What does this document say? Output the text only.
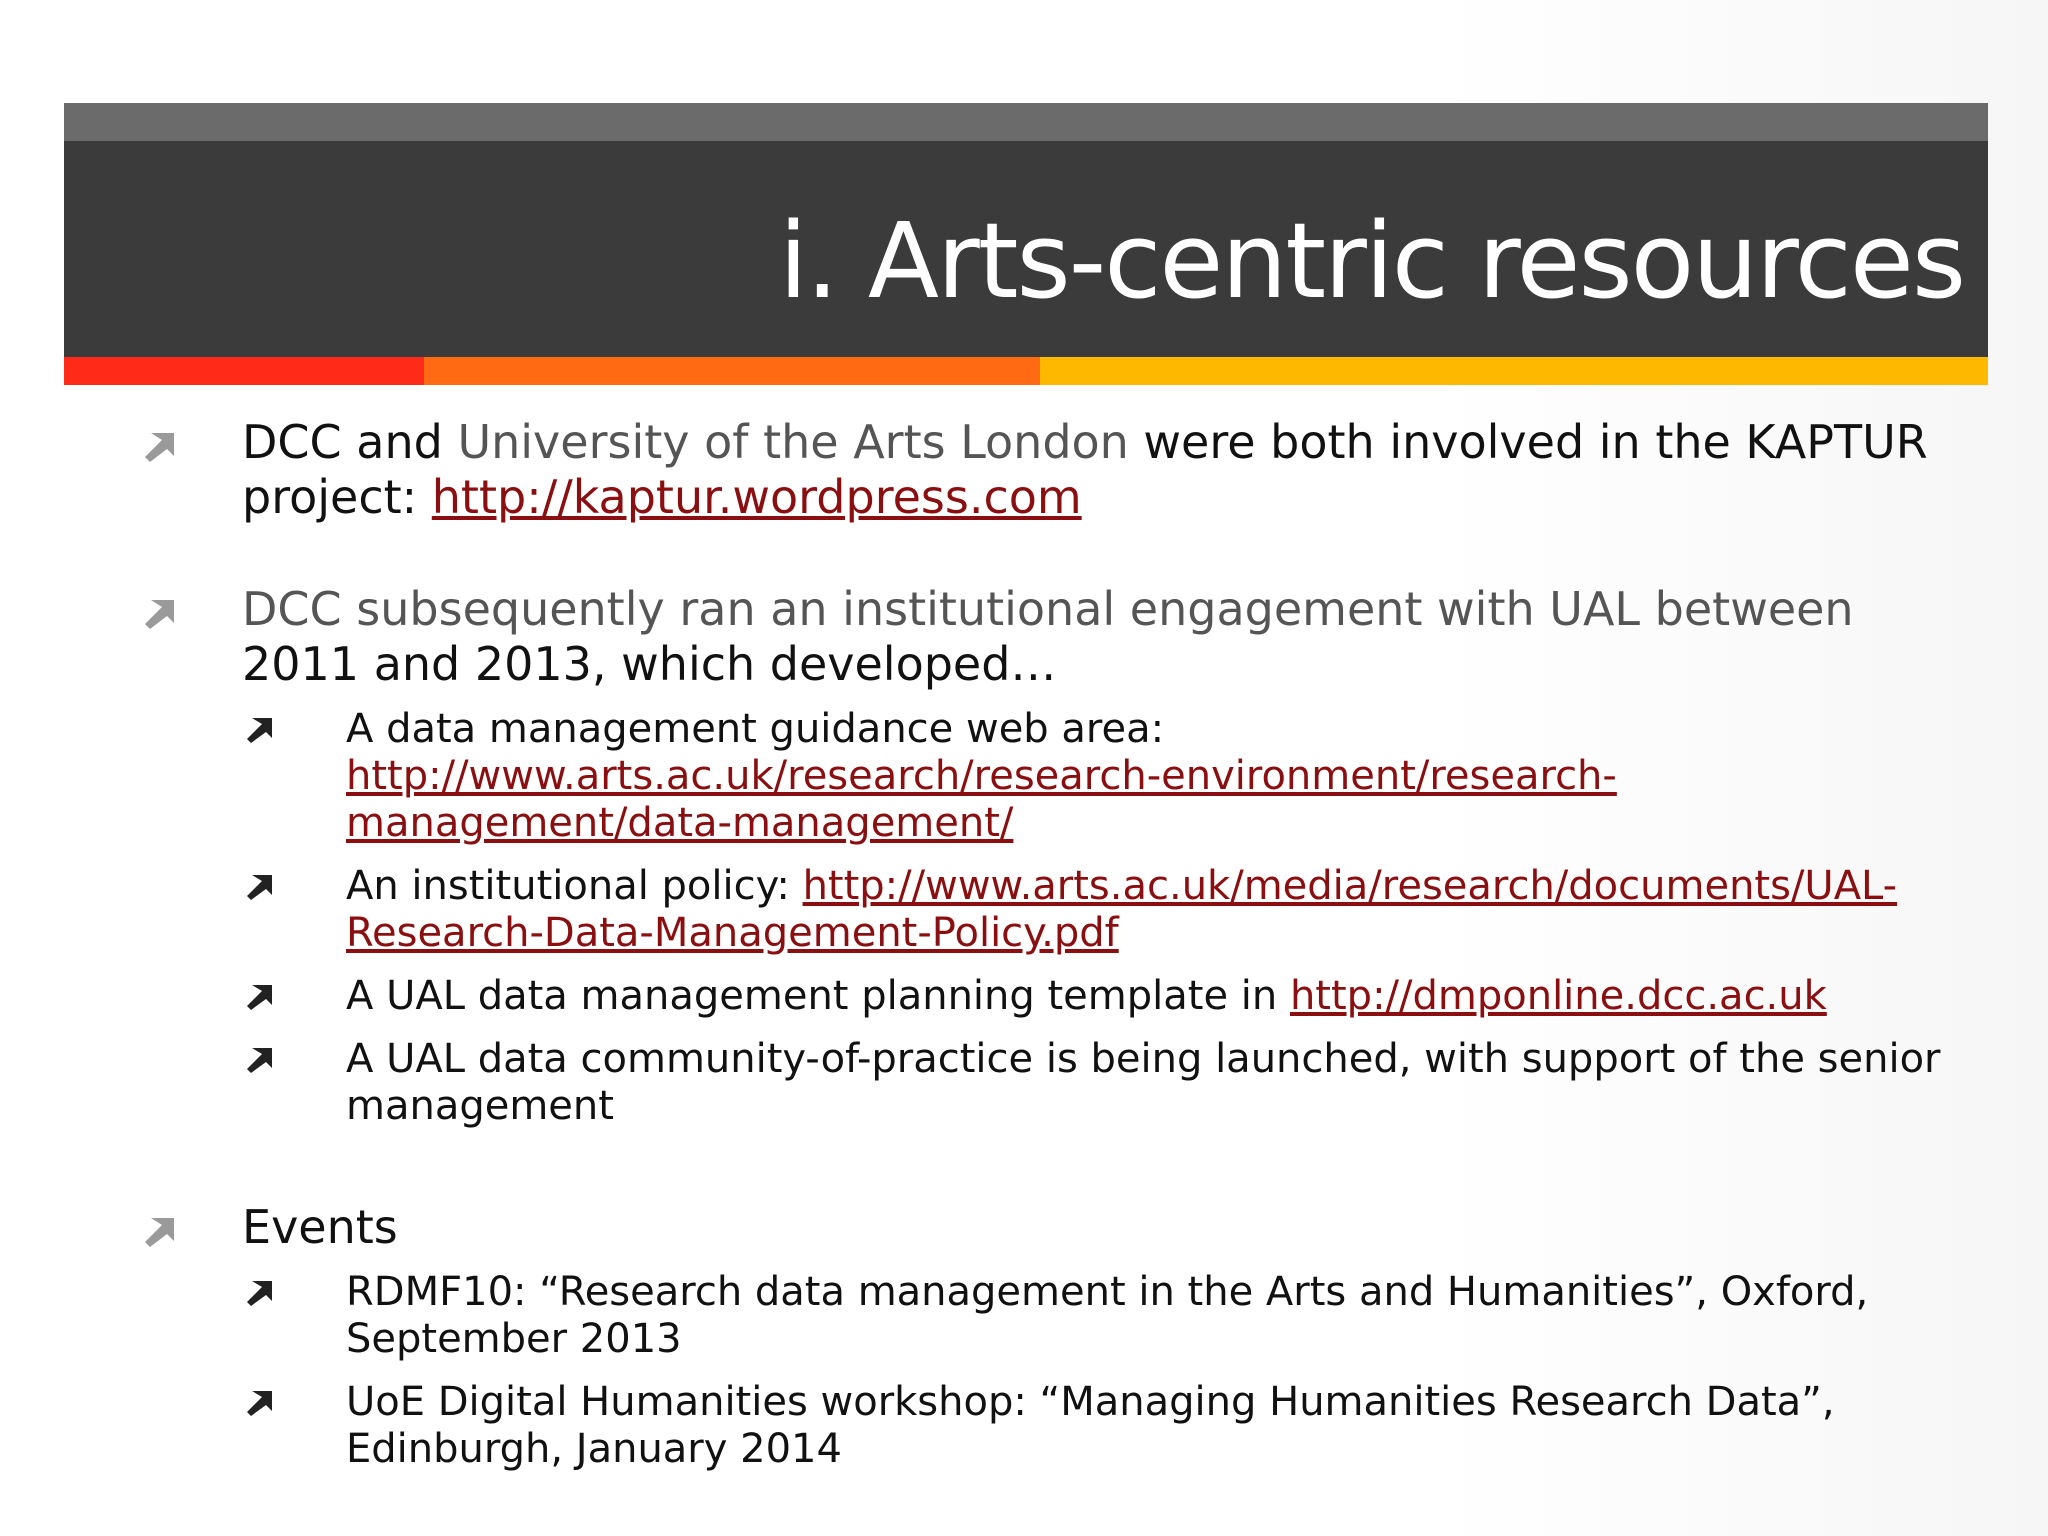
i. Arts-centric resources
DCC and University of the Arts London were both involved in the KAPTUR project: http://kaptur.wordpress.com
DCC subsequently ran an institutional engagement with UAL between 2011 and 2013, which developed…
A data management guidance web area: http://www.arts.ac.uk/research/research-environment/research-management/data-management/
An institutional policy: http://www.arts.ac.uk/media/research/documents/UAL-Research-Data-Management-Policy.pdf
A UAL data management planning template in http://dmponline.dcc.ac.uk
A UAL data community-of-practice is being launched, with support of the senior management
Events
RDMF10: “Research data management in the Arts and Humanities”, Oxford, September 2013
UoE Digital Humanities workshop: “Managing Humanities Research Data”, Edinburgh, January 2014
